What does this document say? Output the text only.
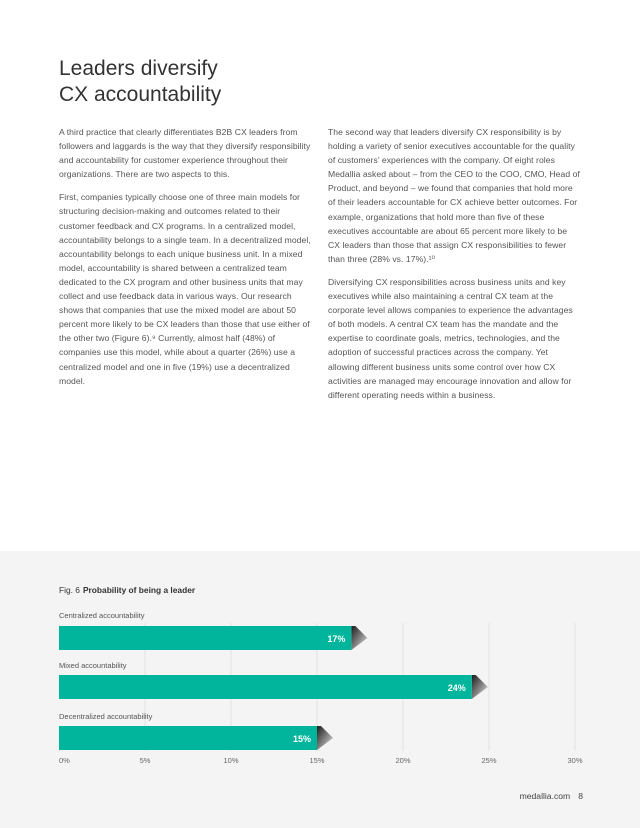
Leaders diversify
CX accountability

A third practice that clearly differentiates B2B CX leaders from followers and laggards is the way that they diversify responsibility and accountability for customer experience throughout their organizations. There are two aspects to this.

First, companies typically choose one of three main models for structuring decision-making and outcomes related to their customer feedback and CX programs. In a centralized model, accountability belongs to a single team. In a decentralized model, accountability belongs to each unique business unit. In a mixed model, accountability is shared between a centralized team dedicated to the CX program and other business units that may collect and use feedback data in various ways. Our research shows that companies that use the mixed model are about 50 percent more likely to be CX leaders than those that use either of the other two (Figure 6).⁹ Currently, almost half (48%) of companies use this model, while about a quarter (26%) use a centralized model and one in five (19%) use a decentralized model.

The second way that leaders diversify CX responsibility is by holding a variety of senior executives accountable for the quality of customers’ experiences with the company. Of eight roles Medallia asked about – from the CEO to the COO, CMO, Head of Product, and beyond – we found that companies that hold more of their leaders accountable for CX achieve better outcomes. For example, organizations that hold more than five of these executives accountable are about 65 percent more likely to be CX leaders than those that assign CX responsibilities to fewer than three (28% vs. 17%).¹⁰

Diversifying CX responsibilities across business units and key executives while also maintaining a central CX team at the corporate level allows companies to experience the advantages of both models. A central CX team has the mandate and the expertise to coordinate goals, metrics, technologies, and the adoption of successful practices across the company. Yet allowing different business units some control over how CX activities are managed may encourage innovation and allow for different operating needs within a business.

Fig. 6 Probability of being a leader
0%	5%	10%	15%	20%	25%	30%
Centralized accountability
17%
Mixed accountability
24%
Decentralized accountability
15%
medallia.com 8
